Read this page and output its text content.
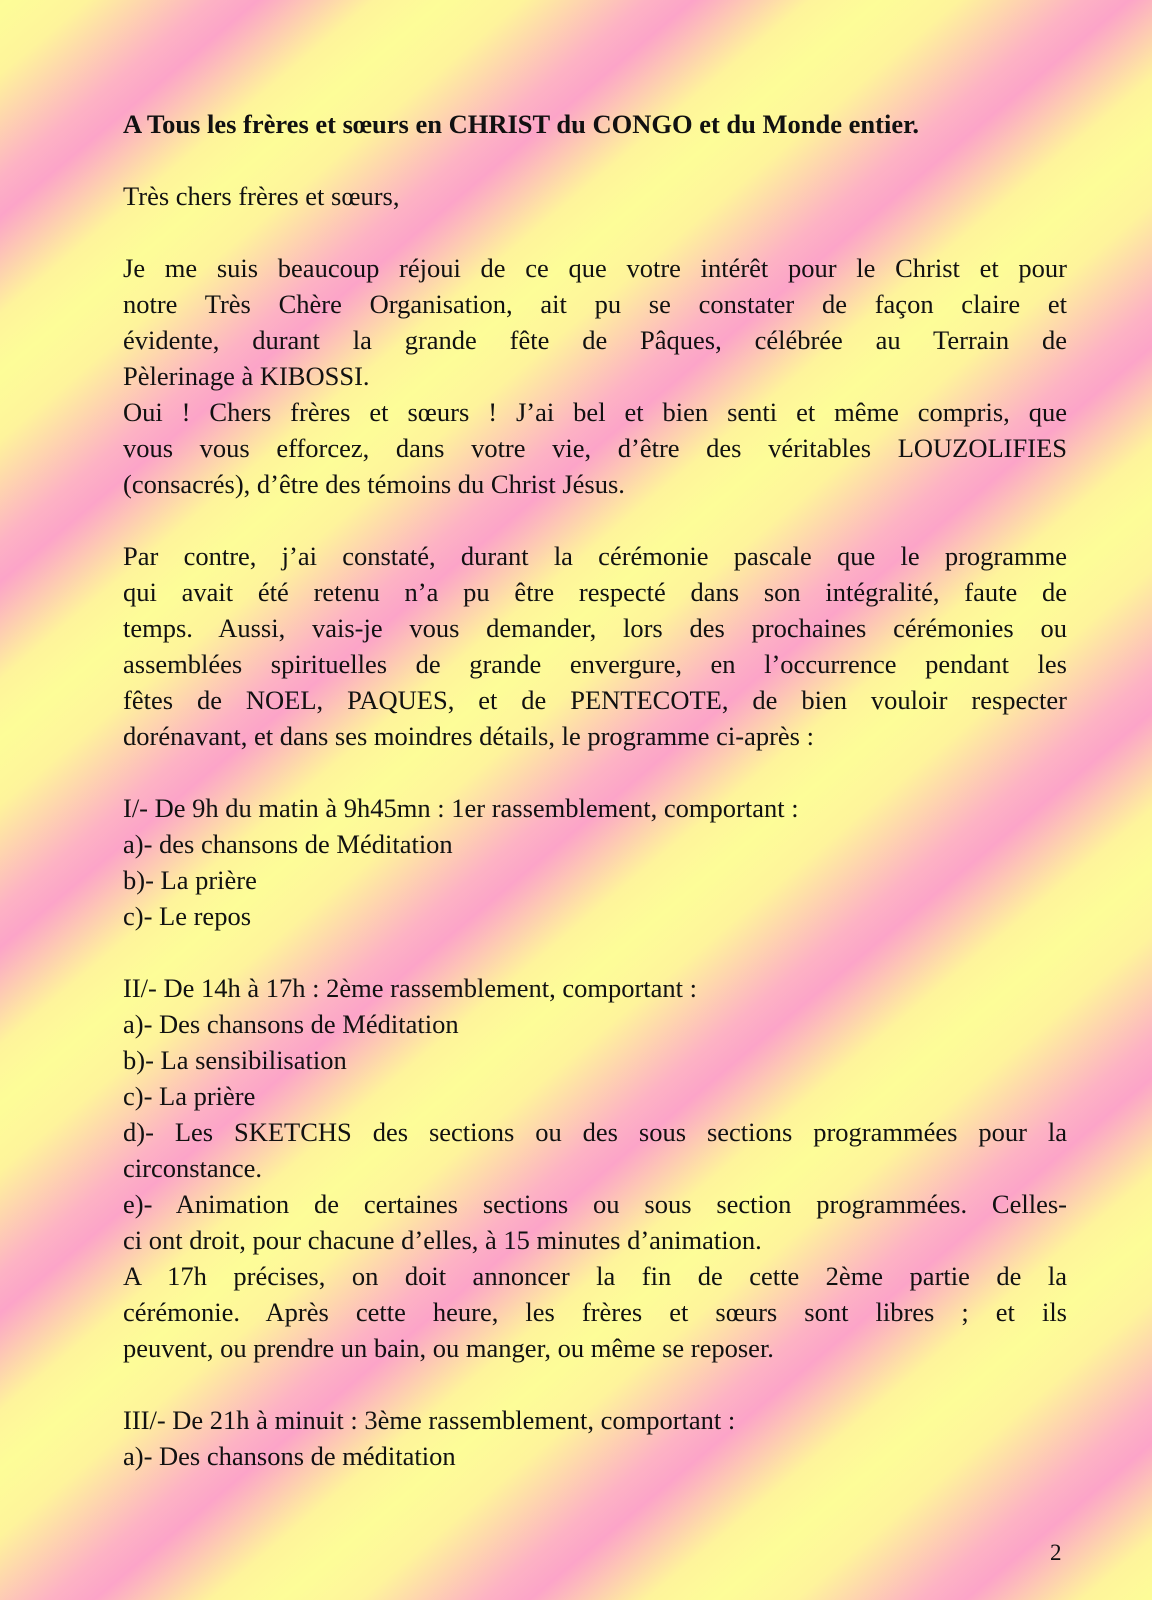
A Tous les frères et sœurs en CHRIST du CONGO et du Monde entier.
Très chers frères et sœurs,
Je me suis beaucoup réjoui de ce que votre intérêt pour le Christ et pour
notre Très Chère Organisation, ait pu se constater de façon claire et
évidente, durant la grande fête de Pâques, célébrée au Terrain de
Pèlerinage à KIBOSSI.
Oui ! Chers frères et sœurs ! J’ai bel et bien senti et même compris, que
vous vous efforcez, dans votre vie, d’être des véritables LOUZOLIFIES
(consacrés), d’être des témoins du Christ Jésus.
Par contre, j’ai constaté, durant la cérémonie pascale que le programme
qui avait été retenu n’a pu être respecté dans son intégralité, faute de
temps. Aussi, vais-je vous demander, lors des prochaines cérémonies ou
assemblées spirituelles de grande envergure, en l’occurrence pendant les
fêtes de NOEL, PAQUES, et de PENTECOTE, de bien vouloir respecter
dorénavant, et dans ses moindres détails, le programme ci-après :
I/- De 9h du matin à 9h45mn : 1er rassemblement, comportant :
a)- des chansons de Méditation
b)- La prière
c)- Le repos
II/- De 14h à 17h : 2ème rassemblement, comportant :
a)- Des chansons de Méditation
b)- La sensibilisation
c)- La prière
d)- Les SKETCHS des sections ou des sous sections programmées pour la
circonstance.
e)- Animation de certaines sections ou sous section programmées. Celles-
ci ont droit, pour chacune d’elles, à 15 minutes d’animation.
A 17h précises, on doit annoncer la fin de cette 2ème partie de la
cérémonie. Après cette heure, les frères et sœurs sont libres ; et ils
peuvent, ou prendre un bain, ou manger, ou même se reposer.
III/- De 21h à minuit : 3ème rassemblement, comportant :
a)- Des chansons de méditation
2
